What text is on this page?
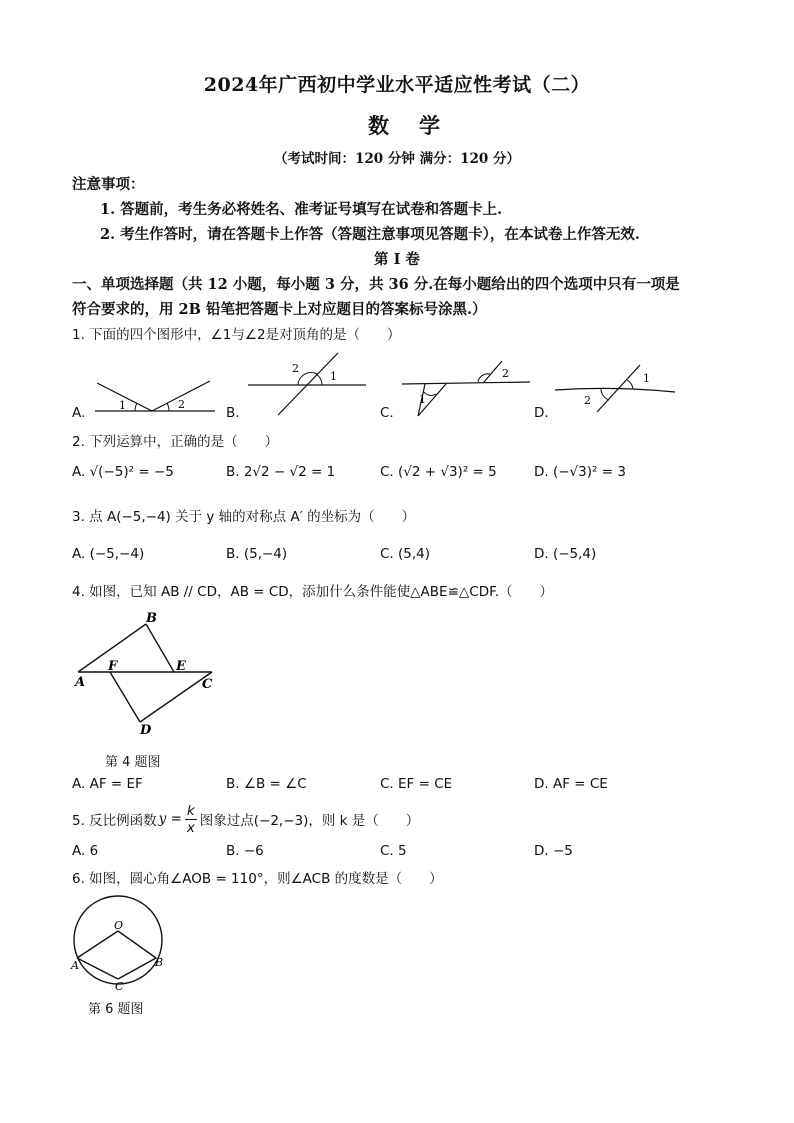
2024年广西初中学业水平适应性考试（二）
数学
（考试时间：120 分钟 满分：120 分）
注意事项：
1. 答题前，考生务必将姓名、准考证号填写在试卷和答题卡上.
2. 考生作答时，请在答题卡上作答（答题注意事项见答题卡），在本试卷上作答无效.
第 I 卷
一、单项选择题（共 12 小题，每小题 3 分，共 36 分.在每小题给出的四个选项中只有一项是
符合要求的，用 2B 铅笔把答题卡上对应题目的答案标号涂黑.）
1. 下面的四个图形中，∠1与∠2是对顶角的是（　　）
1	2
A.
2
1
B.
2
1
C.
2
1
D.
2. 下列运算中，正确的是（　　）
A. √(−5)² = −5	B. 2√2 − √2 = 1	C. (√2 + √3)² = 5	D. (−√3)² = 3
3. 点 A(−5,−4) 关于 y 轴的对称点 A′ 的坐标为（　　）
A. (−5,−4)	B. (5,−4)	C. (5,4)	D. (−5,4)
4. 如图，已知 AB // CD，AB = CD，添加什么条件能使△ABE≌△CDF.（　　）
A
B
C
D
E
F
第 4 题图
A. AF = EF	B. ∠B = ∠C	C. EF = CE	D. AF = CE
5. 反比例函数 $y = \frac{k}{x}$ 图象过点(−2,−3)，则 k 是（　　）
A. 6	B. −6	C. 5	D. −5
6. 如图，圆心角∠AOB = 110°，则∠ACB 的度数是（　　）
O
A	B
C
第 6 题图
